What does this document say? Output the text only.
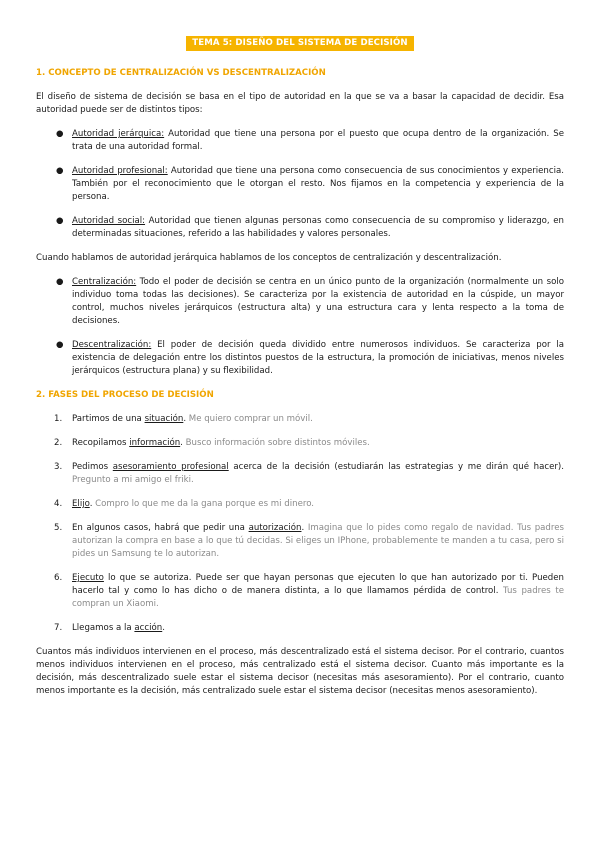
TEMA 5: DISEÑO DEL SISTEMA DE DECISIÓN
1. CONCEPTO DE CENTRALIZACIÓN VS DESCENTRALIZACIÓN

El diseño de sistema de decisión se basa en el tipo de autoridad en la que se va a basar la capacidad de decidir. Esa autoridad puede ser de distintos tipos:

● Autoridad jerárquica: Autoridad que tiene una persona por el puesto que ocupa dentro de la organización. Se trata de una autoridad formal.
● Autoridad profesional: Autoridad que tiene una persona como consecuencia de sus conocimientos y experiencia. También por el reconocimiento que le otorgan el resto. Nos fijamos en la competencia y experiencia de la persona.
● Autoridad social: Autoridad que tienen algunas personas como consecuencia de su compromiso y liderazgo, en determinadas situaciones, referido a las habilidades y valores personales.

Cuando hablamos de autoridad jerárquica hablamos de los conceptos de centralización y descentralización.

● Centralización: Todo el poder de decisión se centra en un único punto de la organización (normalmente un solo individuo toma todas las decisiones). Se caracteriza por la existencia de autoridad en la cúspide, un mayor control, muchos niveles jerárquicos (estructura alta) y una estructura cara y lenta respecto a la toma de decisiones.
● Descentralización: El poder de decisión queda dividido entre numerosos individuos. Se caracteriza por la existencia de delegación entre los distintos puestos de la estructura, la promoción de iniciativas, menos niveles jerárquicos (estructura plana) y su flexibilidad.
2. FASES DEL PROCESO DE DECISIÓN
1. Partimos de una situación. Me quiero comprar un móvil.
2. Recopilamos información. Busco información sobre distintos móviles.
3. Pedimos asesoramiento profesional acerca de la decisión (estudiarán las estrategias y me dirán qué hacer). Pregunto a mi amigo el friki.
4. Elijo. Compro lo que me da la gana porque es mi dinero.
5. En algunos casos, habrá que pedir una autorización. Imagina que lo pides como regalo de navidad. Tus padres autorizan la compra en base a lo que tú decidas. Si eliges un IPhone, probablemente te manden a tu casa, pero si pides un Samsung te lo autorizan.
6. Ejecuto lo que se autoriza. Puede ser que hayan personas que ejecuten lo que han autorizado por ti. Pueden hacerlo tal y como lo has dicho o de manera distinta, a lo que llamamos pérdida de control. Tus padres te compran un Xiaomi.
7. Llegamos a la acción.

Cuantos más individuos intervienen en el proceso, más descentralizado está el sistema decisor. Por el contrario, cuantos menos individuos intervienen en el proceso, más centralizado está el sistema decisor. Cuanto más importante es la decisión, más descentralizado suele estar el sistema decisor (necesitas más asesoramiento). Por el contrario, cuanto menos importante es la decisión, más centralizado suele estar el sistema decisor (necesitas menos asesoramiento).
